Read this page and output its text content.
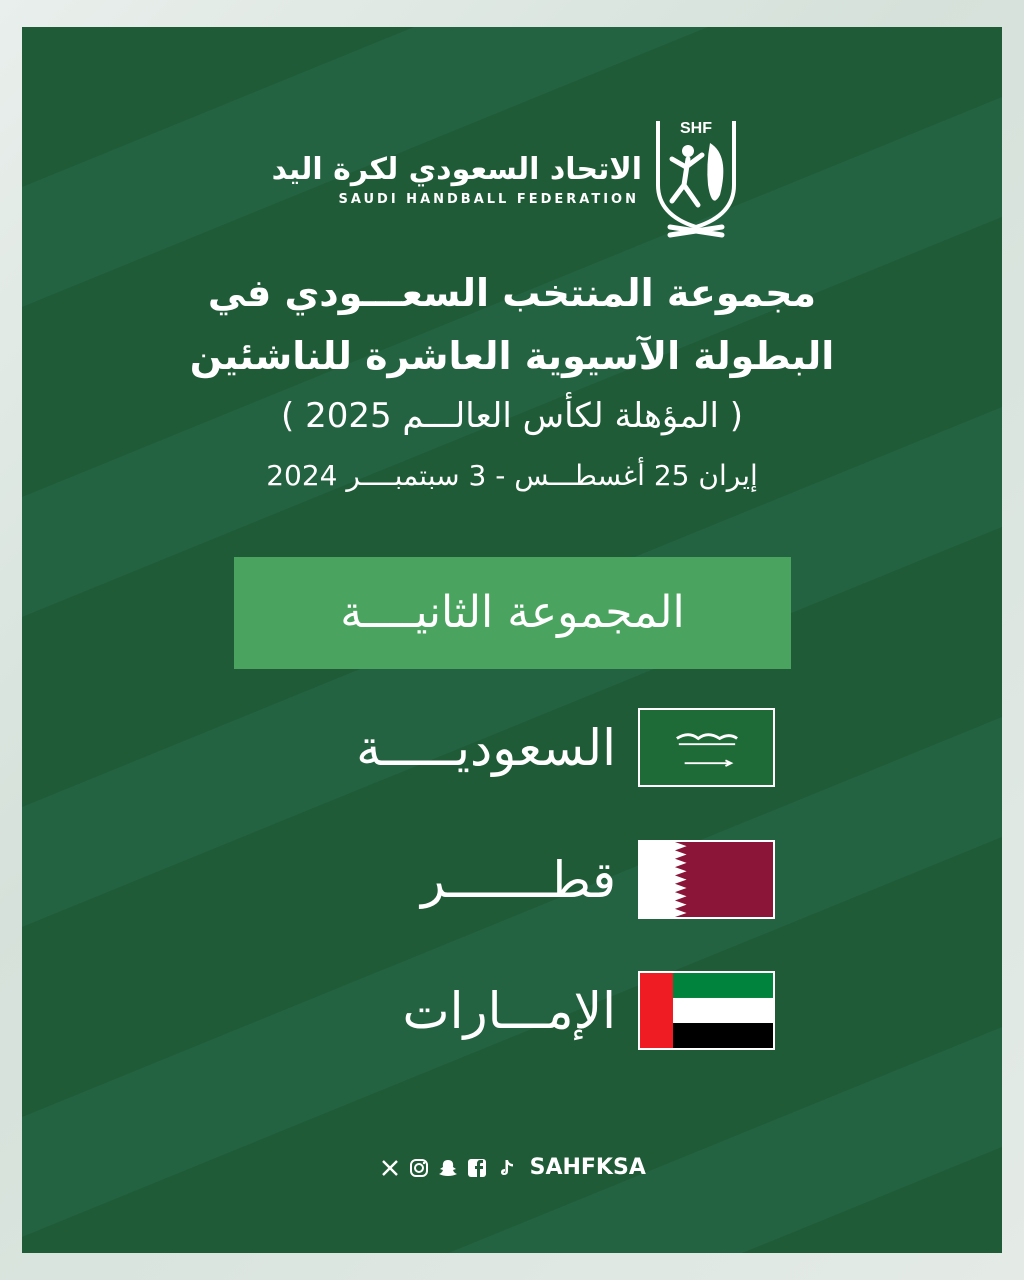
الاتحاد السعودي لكرة اليد
SAUDI HANDBALL FEDERATION
SHF
مجموعة المنتخب السعـــودي في
البطولة الآسيوية العاشرة للناشئين
( المؤهلة لكأس العالـــم 2025 )
إيران 25 أغسطـــس - 3 سبتمبــــر 2024
المجموعة الثانيــــة
السعوديـــــة
قطـــــــر
الإمـــارات
SAHFKSA
